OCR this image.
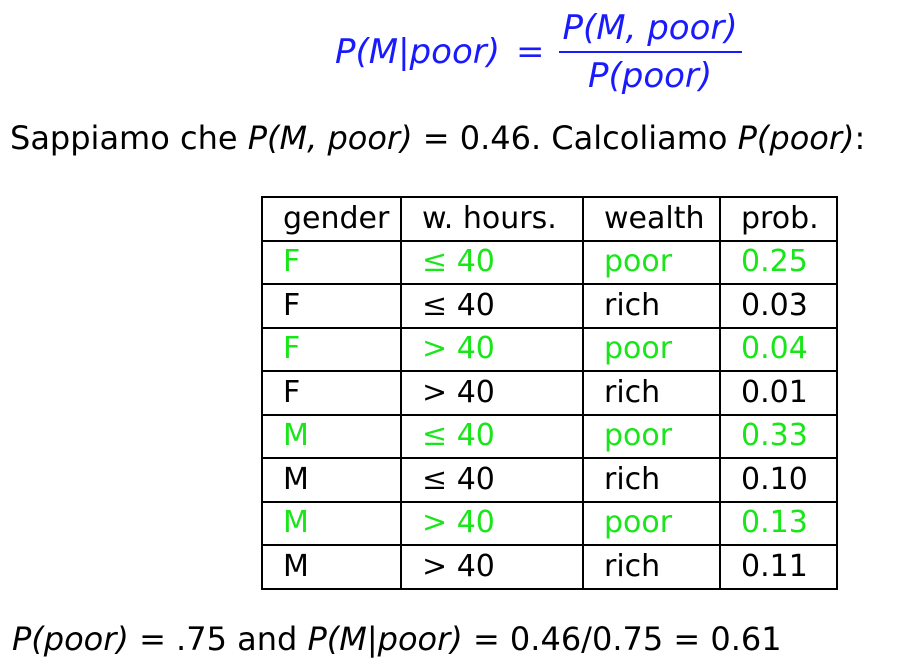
P(M|poor) = $\frac{\text{P(M, poor)}}{\text{P(poor)}}$
Sappiamo che P(M, poor) = 0.46. Calcoliamo P(poor):
gender	w. hours.	wealth	prob.
F	≤ 40	poor	0.25
F	≤ 40	rich	0.03
F	> 40	poor	0.04
F	> 40	rich	0.01
M	≤ 40	poor	0.33
M	≤ 40	rich	0.10
M	> 40	poor	0.13
M	> 40	rich	0.11
P(poor) = .75 and P(M|poor) = 0.46/0.75 = 0.61
